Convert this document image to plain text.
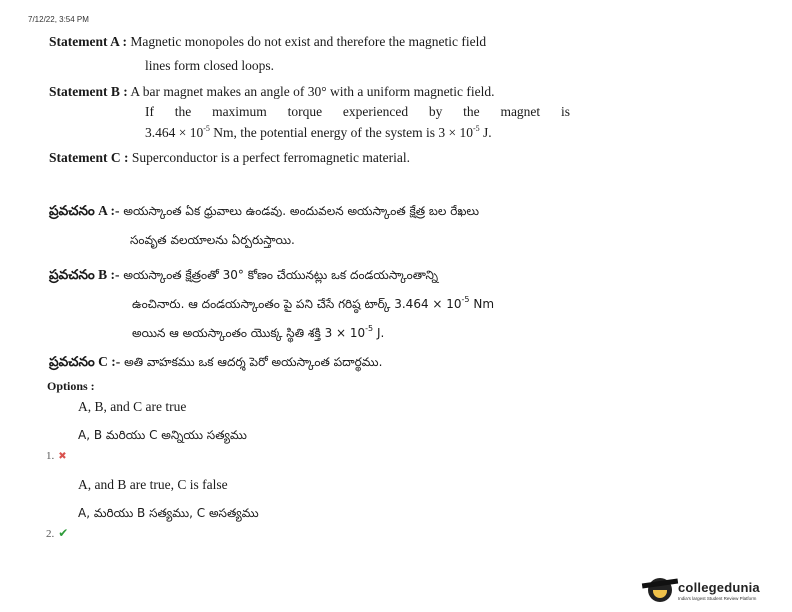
7/12/22, 3:54 PM
Statement A : Magnetic monopoles do not exist and therefore the magnetic field
lines form closed loops.
Statement B : A bar magnet makes an angle of 30° with a uniform magnetic field.
If the maximum torque experienced by the magnet is
$3.464 \times 10^{-5}$ Nm, the potential energy of the system is $3 \times 10^{-5}$ J.
Statement C : Superconductor is a perfect ferromagnetic material.
ప్రవచనం A :- అయస్కాంత ఏక ధ్రువాలు ఉండవు. అందువలన అయస్కాంత క్షేత్ర బల రేఖలు
సంవృత వలయాలను ఏర్పరుస్తాయి.
ప్రవచనం B :- అయస్కాంత క్షేత్రంతో 30° కోణం చేయునట్లు ఒక దండయస్కాంతాన్ని
ఉంచినారు. ఆ దండయస్కాంతం పై పని చేసే గరిష్ఠ టార్క్ $3.464 \times 10^{-5}$ Nm
అయిన ఆ అయస్కాంతం యొక్క స్థితి శక్తి $3 \times 10^{-5}$ J.
ప్రవచనం C :- అతి వాహకము ఒక ఆదర్శ పెరో అయస్కాంత పదార్థము.
Options :
A, B, and C are true
A, B మరియు C అన్నియు సత్యము
1. ✖
A, and B are true, C is false
A, మరియు B సత్యము, C అసత్యము
2. ✔
collegedunia
India's largest Student Review Platform
